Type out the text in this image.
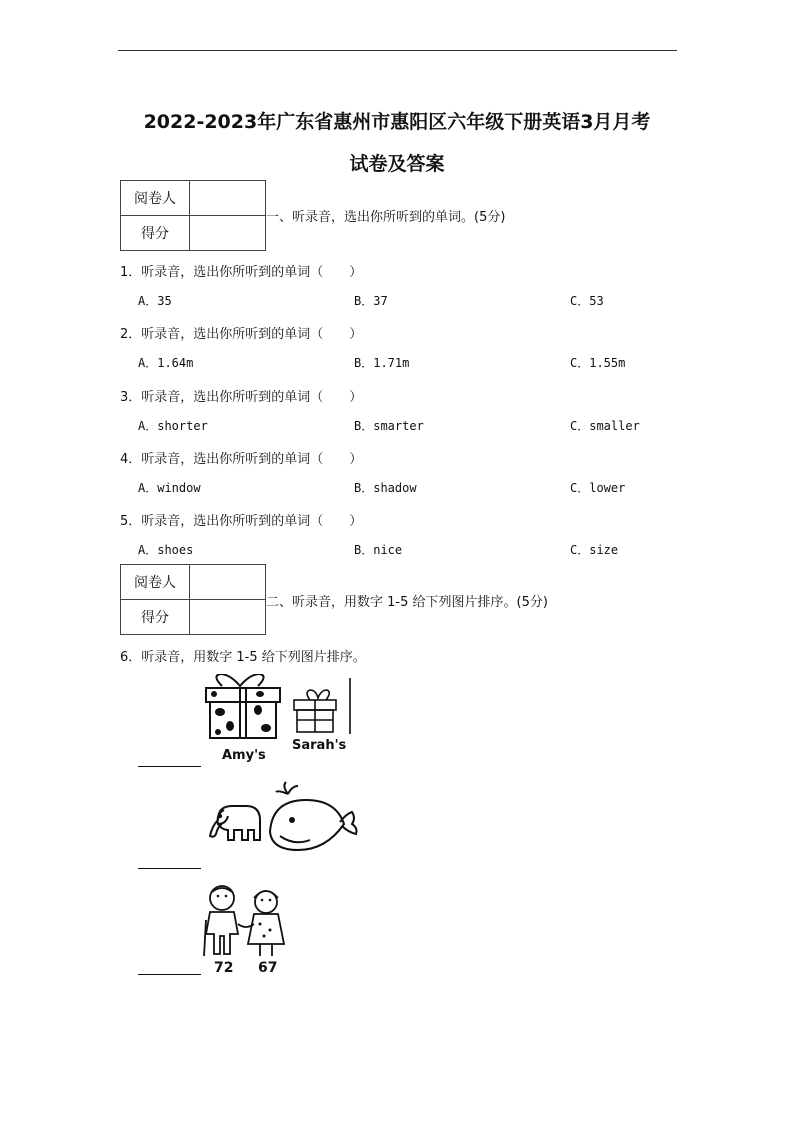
2022-2023年广东省惠州市惠阳区六年级下册英语3月月考
试卷及答案
阅卷人	
得分	
一、听录音，选出你所听到的单词。(5分)
1．听录音，选出你所听到的单词（　　）
A．35	B．37	C．53
2．听录音，选出你所听到的单词（　　）
A．1.64m	B．1.71m	C．1.55m
3．听录音，选出你所听到的单词（　　）
A．shorter	B．smarter	C．smaller
4．听录音，选出你所听到的单词（　　）
A．window	B．shadow	C．lower
5．听录音，选出你所听到的单词（　　）
A．shoes	B．nice	C．size
阅卷人	
得分	
二、听录音，用数字 1-5 给下列图片排序。(5分)
6．听录音，用数字 1-5 给下列图片排序。
Amy's
Sarah's
72 67
